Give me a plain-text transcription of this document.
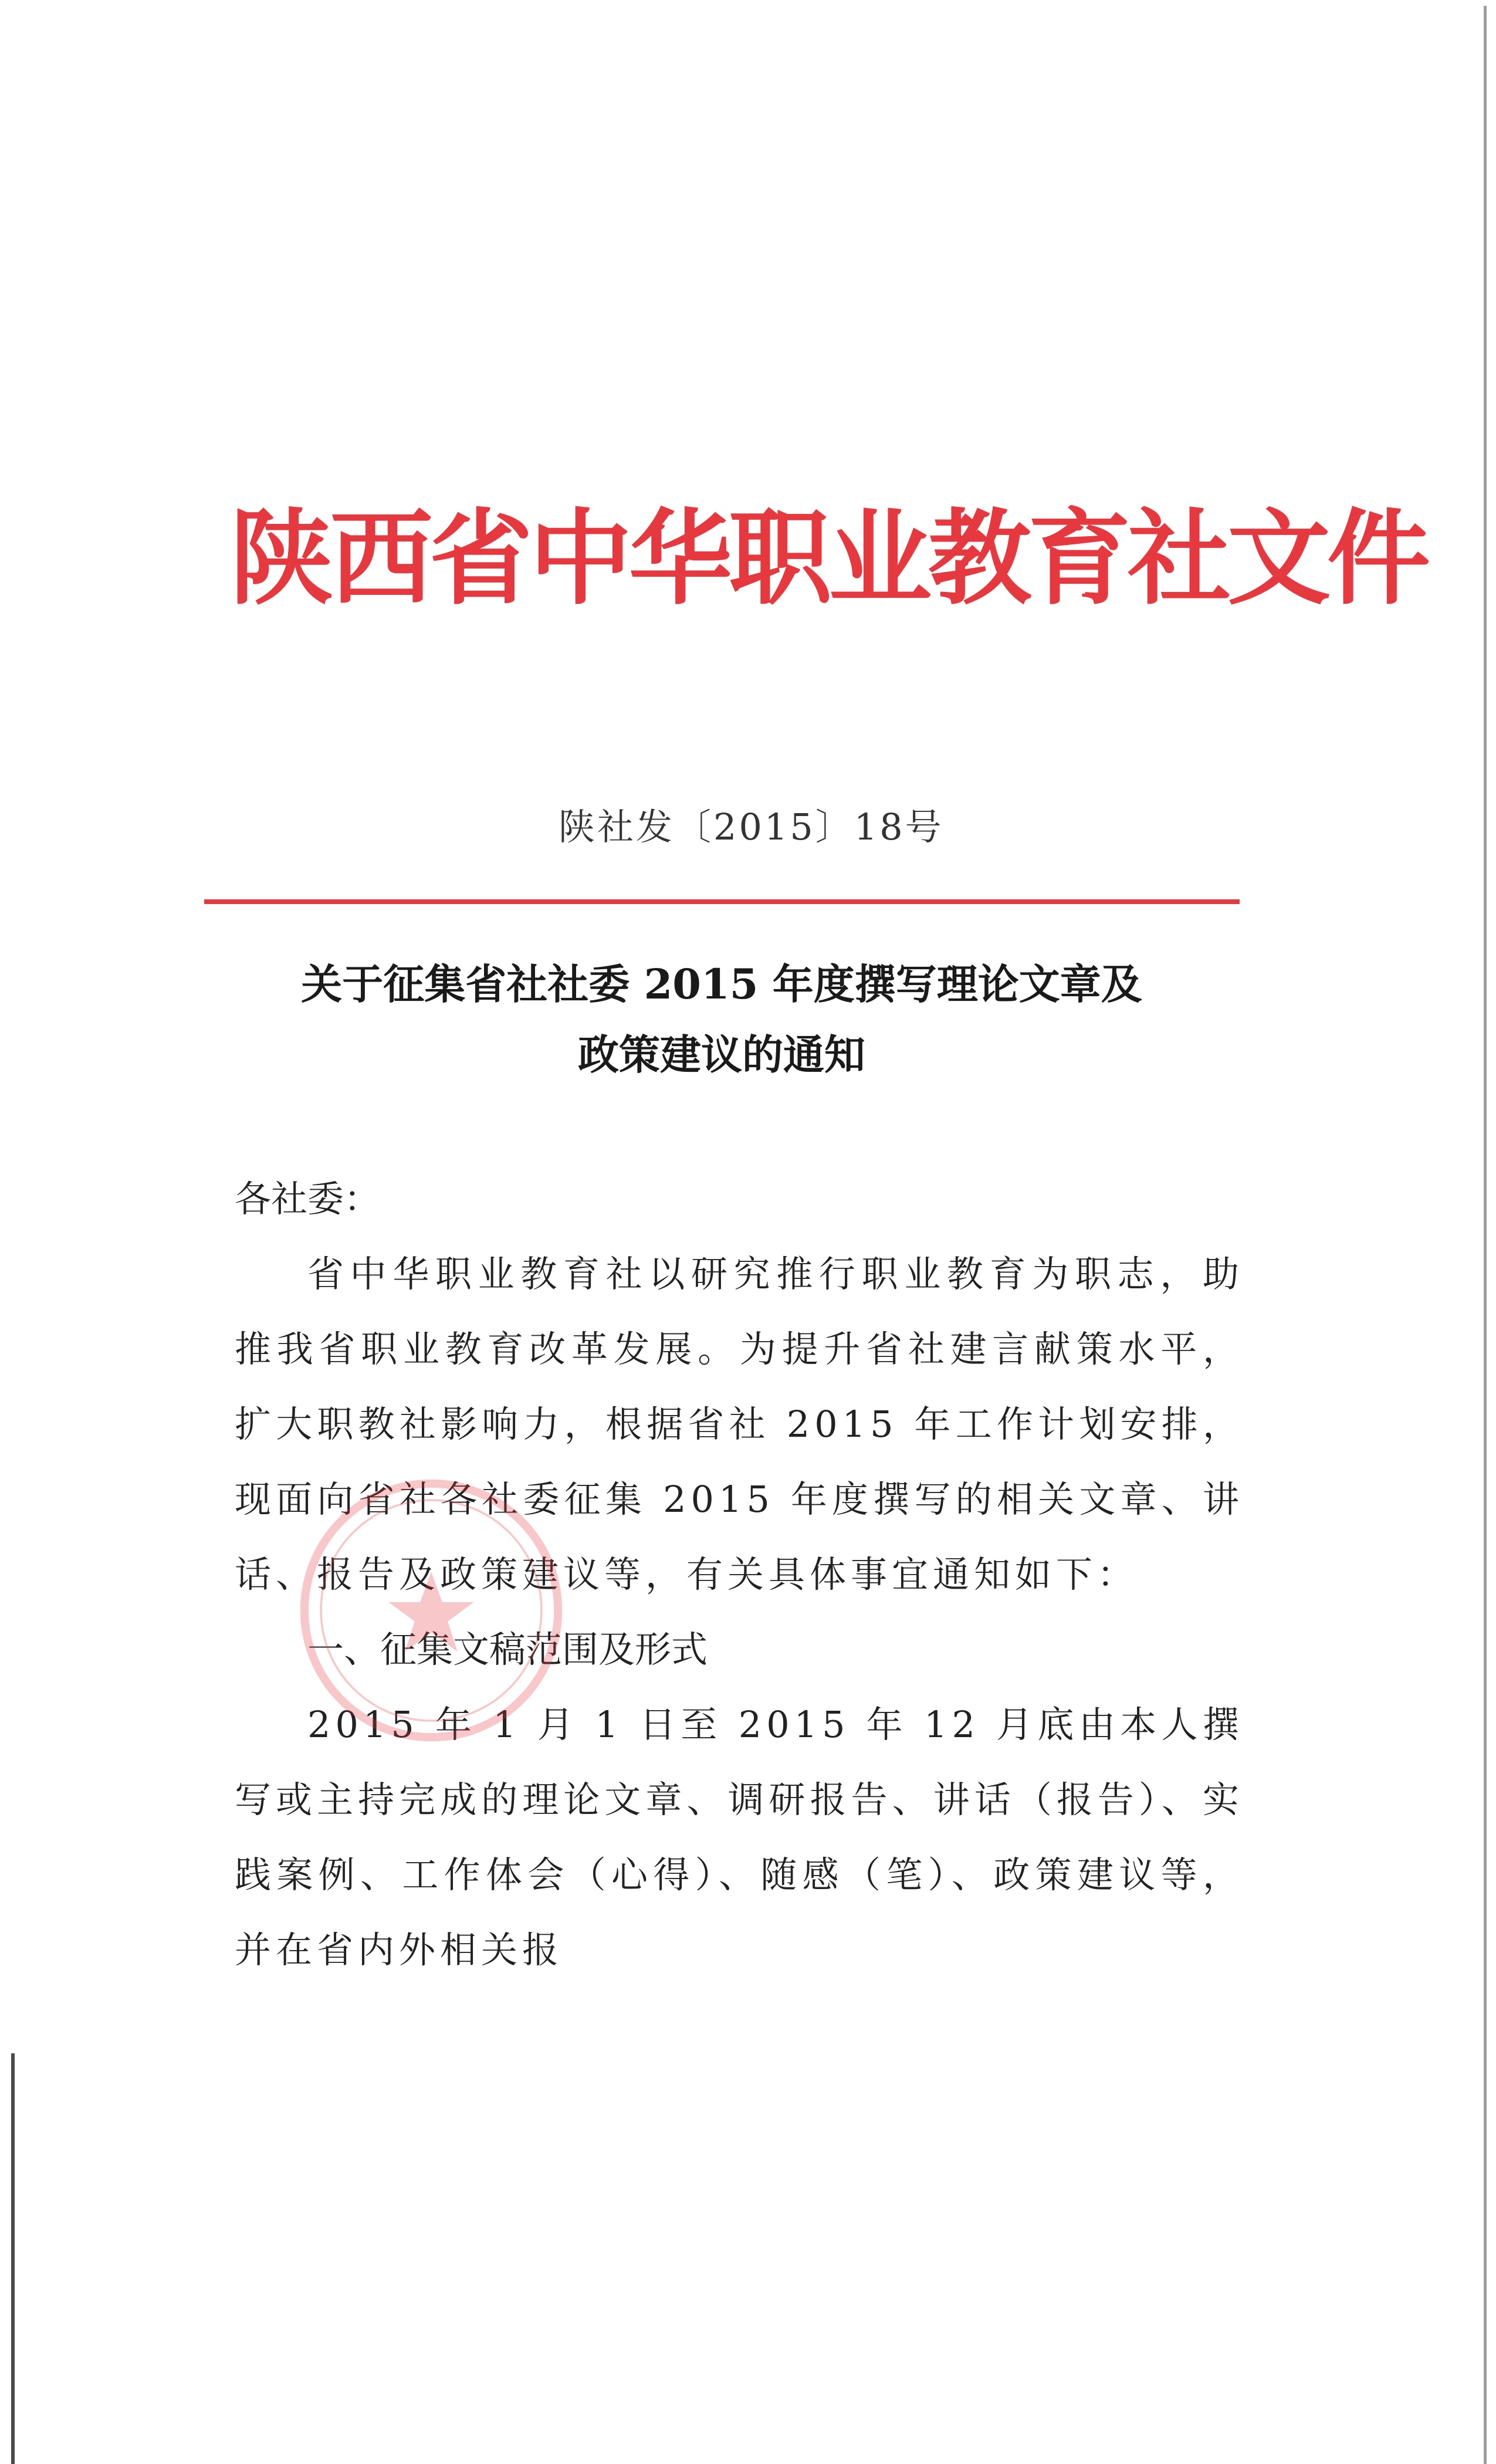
陕西省中华职业教育社文件
陕社发〔2015〕18号
关于征集省社社委 2015 年度撰写理论文章及
政策建议的通知

各社委：

省中华职业教育社以研究推行职业教育为职志，助推我省职业教育改革发展。为提升省社建言献策水平，扩大职教社影响力，根据省社 2015 年工作计划安排， 现面向省社各社委征集 2015 年度撰写的相关文章、讲话、报告及政策建议等，有关具体事宜通知如下：

一、征集文稿范围及形式

2015 年 1 月 1 日至 2015 年 12 月底由本人撰写或主持完成的理论文章、调研报告、讲话（报告）、实践案例、工作体会（心得）、随感（笔）、政策建议等，并在省内外相关报
